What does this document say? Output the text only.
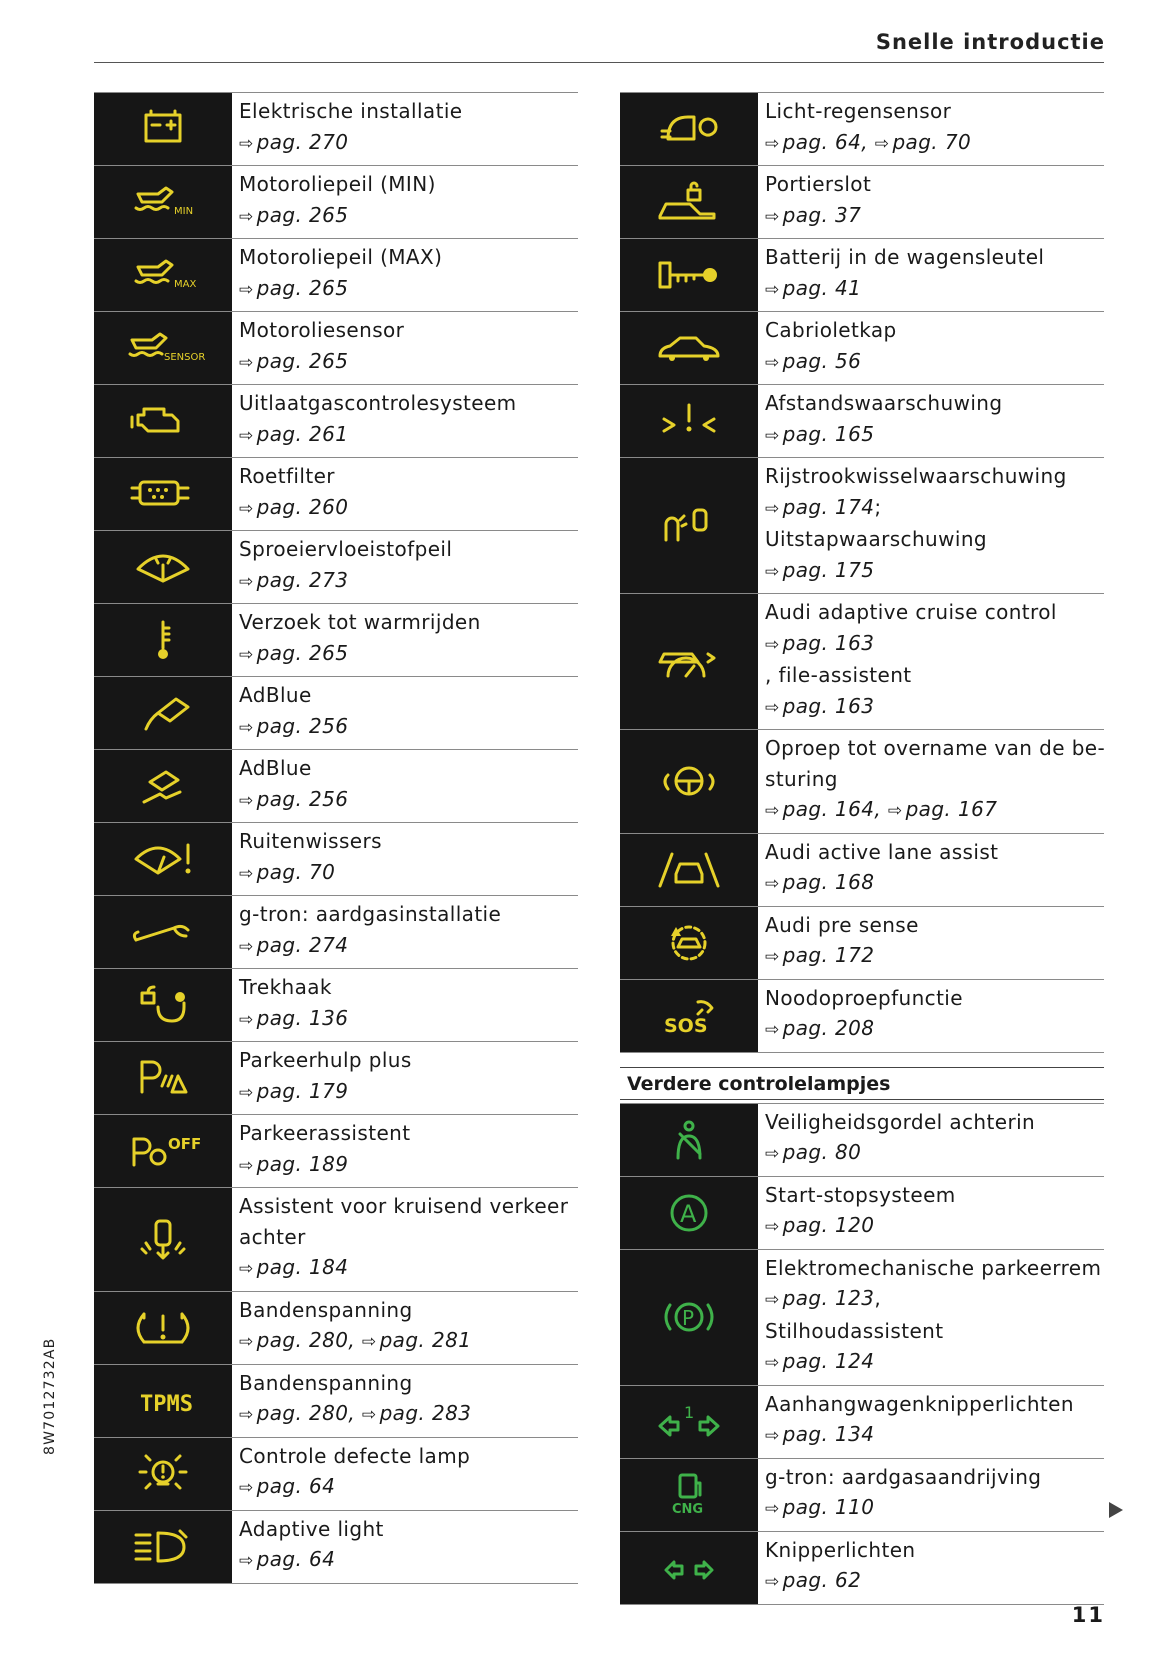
Snelle introductie
Elektrische installatie
⇨ pag. 270
MIN
Motoroliepeil (MIN)
⇨ pag. 265
MAX
Motoroliepeil (MAX)
⇨ pag. 265
SENSOR
Motoroliesensor
⇨ pag. 265
Uitlaatgascontrolesysteem
⇨ pag. 261
Roetfilter
⇨ pag. 260
Sproeiervloeistofpeil
⇨ pag. 273
Verzoek tot warmrijden
⇨ pag. 265
AdBlue
⇨ pag. 256
AdBlue
⇨ pag. 256
Ruitenwissers
⇨ pag. 70
g-tron: aardgasinstallatie
⇨ pag. 274
Trekhaak
⇨ pag. 136
Parkeerhulp plus
⇨ pag. 179
OFF Parkeerassistent
⇨ pag. 189
Assistent voor kruisend verkeer
achter
⇨ pag. 184
Bandenspanning
⇨ pag. 280, ⇨ pag. 281
TPMS
Bandenspanning
⇨ pag. 280, ⇨ pag. 283
Controle defecte lamp
⇨ pag. 64
Adaptive light
⇨ pag. 64
Licht-regensensor
⇨ pag. 64, ⇨ pag. 70
Portierslot
⇨ pag. 37
Batterij in de wagensleutel
⇨ pag. 41
Cabrioletkap
⇨ pag. 56
Afstandswaarschuwing
⇨ pag. 165
Rijstrookwisselwaarschuwing
⇨ pag. 174;
Uitstapwaarschuwing
⇨ pag. 175
Audi adaptive cruise control
⇨ pag. 163
, file-assistent
⇨ pag. 163
Oproep tot overname van de be-
sturing
⇨ pag. 164, ⇨ pag. 167
Audi active lane assist
⇨ pag. 168
Audi pre sense
⇨ pag. 172
SOS
Noodoproepfunctie
⇨ pag. 208
Verdere controlelampjes
Veiligheidsgordel achterin
⇨ pag. 80
A
Start-stopsysteem
⇨ pag. 120
P
Elektromechanische parkeerrem
⇨ pag. 123,
Stilhoudassistent
⇨ pag. 124
1	Aanhangwagenknipperlichten
⇨ pag. 134
CNG
g-tron: aardgasaandrijving
⇨ pag. 110
Knipperlichten
⇨ pag. 62
8W7012732AB
11
